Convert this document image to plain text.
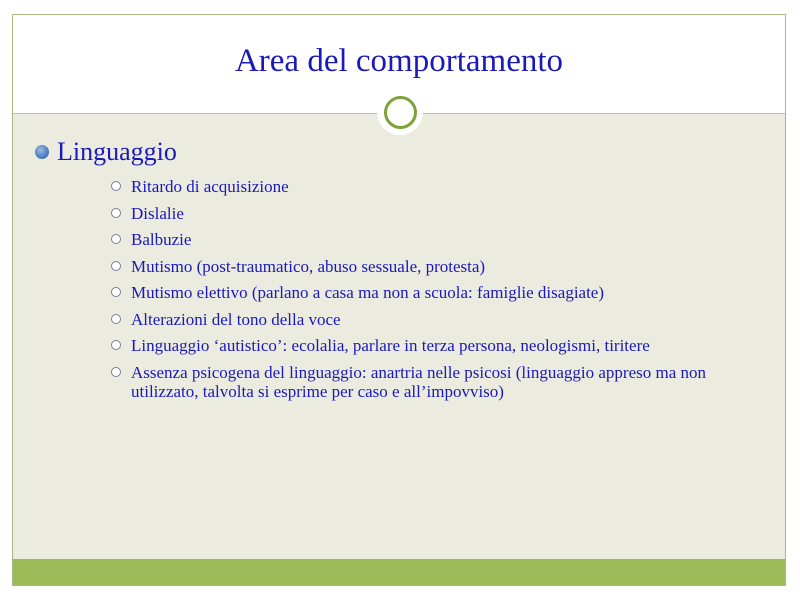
Area del comportamento
Linguaggio
Ritardo di acquisizione
Dislalie
Balbuzie
Mutismo (post-traumatico, abuso sessuale, protesta)
Mutismo elettivo (parlano a casa ma non a scuola: famiglie disagiate)
Alterazioni del tono della voce
Linguaggio ‘autistico’: ecolalia, parlare in terza persona, neologismi, tiritere
Assenza psicogena del linguaggio: anartria nelle psicosi (linguaggio appreso ma non utilizzato, talvolta si esprime per caso e all’impovviso)
